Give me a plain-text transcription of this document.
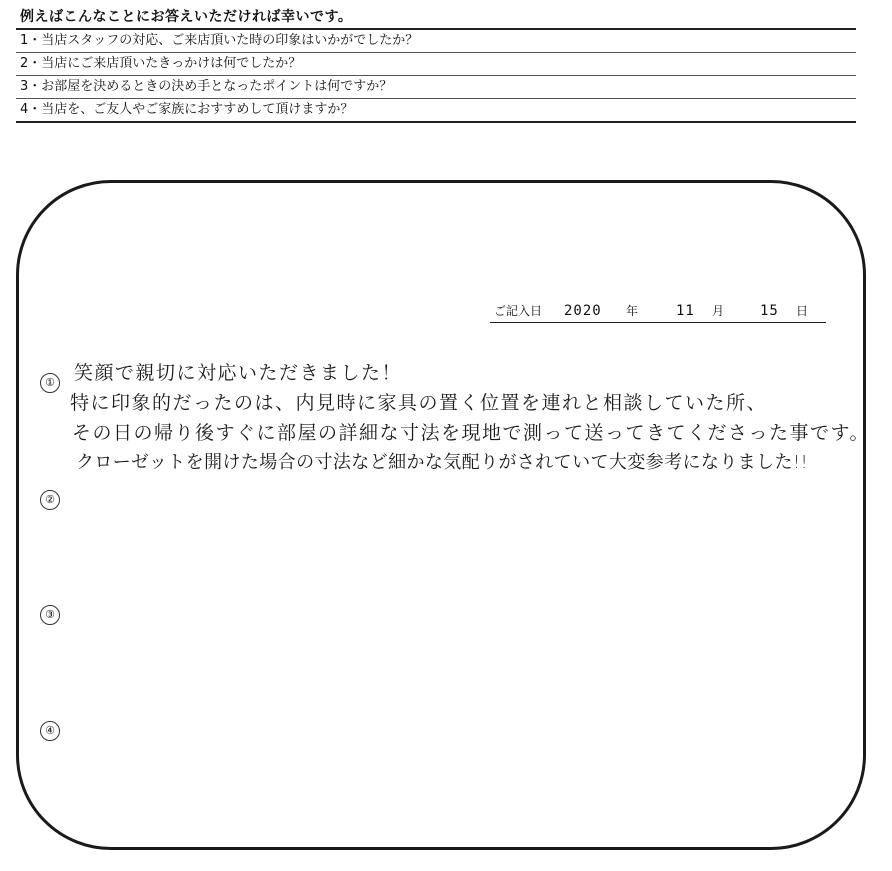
例えばこんなことにお答えいただければ幸いです。
1・当店スタッフの対応、ご来店頂いた時の印象はいかがでしたか？
2・当店にご来店頂いたきっかけは何でしたか？
3・お部屋を決めるときの決め手となったポイントは何ですか？
4・当店を、ご友人やご家族におすすめして頂けますか？
ご記入日 2020 年	11 月	15 日
①
②
③
④
笑顔で親切に対応いただきました！
特に印象的だったのは、内見時に家具の置く位置を連れと相談していた所、
その日の帰り後すぐに部屋の詳細な寸法を現地で測って送ってきてくださった事です。
クローゼットを開けた場合の寸法など細かな気配りがされていて大変参考になりました!!
